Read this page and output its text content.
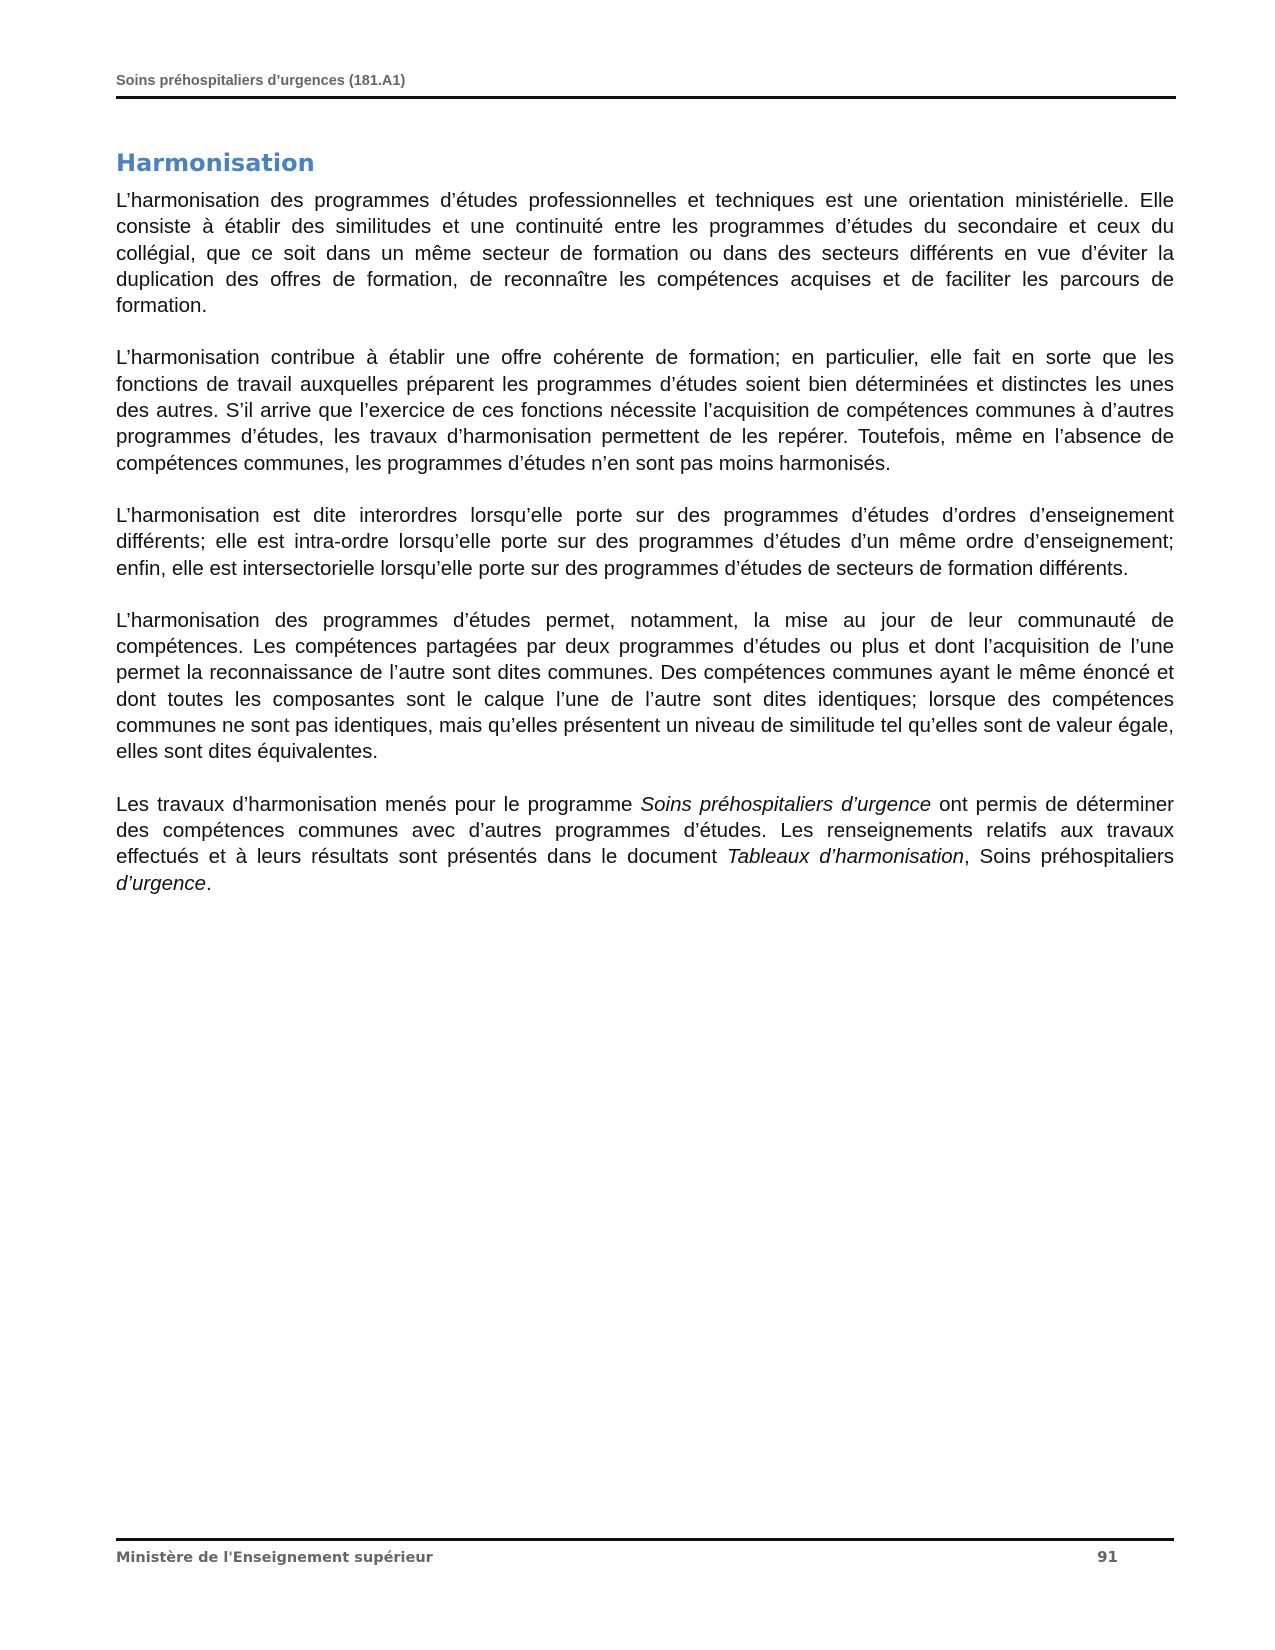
Soins préhospitaliers d’urgences (181.A1)
Harmonisation

L’harmonisation des programmes d’études professionnelles et techniques est une orientation ministérielle. Elle consiste à établir des similitudes et une continuité entre les programmes d’études du secondaire et ceux du collégial, que ce soit dans un même secteur de formation ou dans des secteurs différents en vue d’éviter la duplication des offres de formation, de reconnaître les compétences acquises et de faciliter les parcours de formation.

L’harmonisation contribue à établir une offre cohérente de formation; en particulier, elle fait en sorte que les fonctions de travail auxquelles préparent les programmes d’études soient bien déterminées et distinctes les unes des autres. S’il arrive que l’exercice de ces fonctions nécessite l’acquisition de compétences communes à d’autres programmes d’études, les travaux d’harmonisation permettent de les repérer. Toutefois, même en l’absence de compétences communes, les programmes d’études n’en sont pas moins harmonisés.

L’harmonisation est dite interordres lorsqu’elle porte sur des programmes d’études d’ordres d’enseignement différents; elle est intra-ordre lorsqu’elle porte sur des programmes d’études d’un même ordre d’enseignement; enfin, elle est intersectorielle lorsqu’elle porte sur des programmes d’études de secteurs de formation différents.

L’harmonisation des programmes d’études permet, notamment, la mise au jour de leur communauté de compétences. Les compétences partagées par deux programmes d’études ou plus et dont l’acquisition de l’une permet la reconnaissance de l’autre sont dites communes. Des compétences communes ayant le même énoncé et dont toutes les composantes sont le calque l’une de l’autre sont dites identiques; lorsque des compétences communes ne sont pas identiques, mais qu’elles présentent un niveau de similitude tel qu’elles sont de valeur égale, elles sont dites équivalentes.

Les travaux d’harmonisation menés pour le programme Soins préhospitaliers d’urgence ont permis de déterminer des compétences communes avec d’autres programmes d’études. Les renseignements relatifs aux travaux effectués et à leurs résultats sont présentés dans le document Tableaux d’harmonisation, Soins préhospitaliers d’urgence.

Ministère de l'Enseignement supérieur	91
